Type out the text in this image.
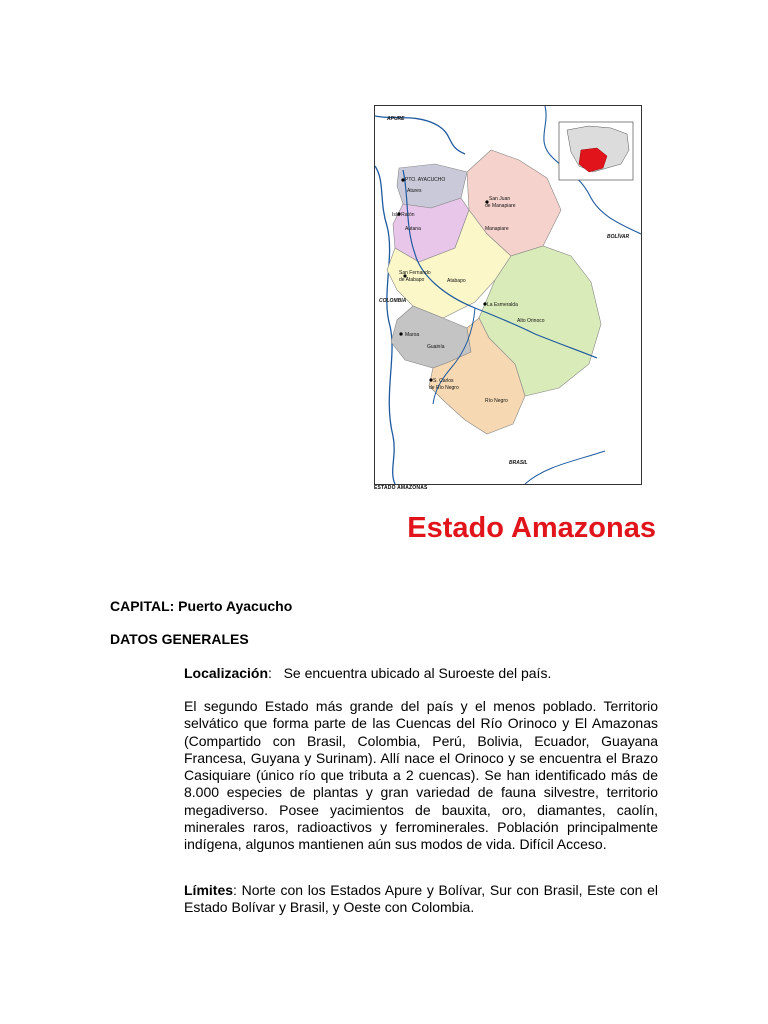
APURE
BOLÍVAR
COLOMBIA
BRASIL
PTO. AYACUCHO
Atures
Isla Ratón
Autana
San Juan
de Manapiare
Manapiare
San Fernando
de Atabapo	Atabapo
La Esmeralda
Alto Orinoco
Maroa
Guainía
S. Carlos
de Río Negro
Río Negro
ESTADO AMAZONAS
Estado Amazonas
CAPITAL: Puerto Ayacucho
DATOS GENERALES
Localización: Se encuentra ubicado al Suroeste del país.
El segundo Estado más grande del país y el menos poblado. Territorio selvático que forma parte de las Cuencas del Río Orinoco y El Amazonas (Compartido con Brasil, Colombia, Perú, Bolivia, Ecuador, Guayana Francesa, Guyana y Surinam). Allí nace el Orinoco y se encuentra el Brazo Casiquiare (único río que tributa a 2 cuencas). Se han identificado más de 8.000 especies de plantas y gran variedad de fauna silvestre, territorio megadiverso. Posee yacimientos de bauxita, oro, diamantes, caolín, minerales raros, radioactivos y ferrominerales. Población principalmente indígena, algunos mantienen aún sus modos de vida. Difícil Acceso.
Límites: Norte con los Estados Apure y Bolívar, Sur con Brasil, Este con el Estado Bolívar y Brasil, y Oeste con Colombia.
